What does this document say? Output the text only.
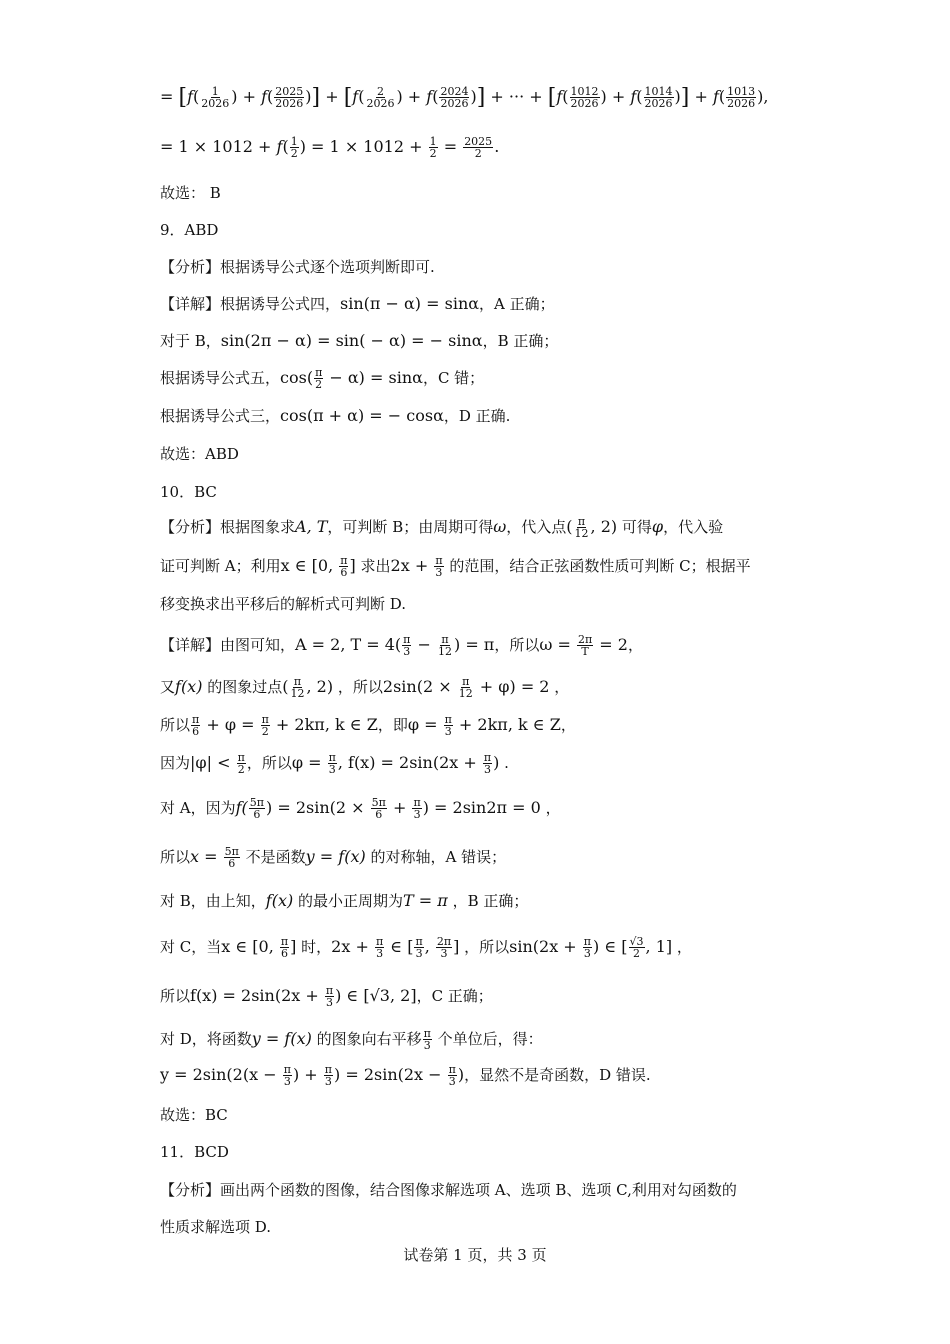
= [$f( \frac{1}{2026}$ ) + $f( \frac{2025}{2026}$ )] + [$f( \frac{2}{2026}$ ) + $f( \frac{2024}{2026}$ )] + ··· + [$f( \frac{1012}{2026}$ ) + $f( \frac{1014}{2026}$ )] + $f( \frac{1013}{2026}$ ),
= $1 \times 1012 + f( \frac{1}{2}$ ) = $1 \times 1012 + \frac{1}{2} = \frac{2025}{2}$ .
故选： B
9．ABD
【分析】根据诱导公式逐个选项判断即可.
【详解】根据诱导公式四，sin(π − α) = sinα，A 正确；
对于 B，sin(2π − α) = sin( − α) = − sinα，B 正确；
根据诱导公式五，$\cos( \frac{\pi}{2} - \alpha) = \sin\alpha$，C 错；
根据诱导公式三，cos(π + α) = − cosα，D 正确.
故选：ABD
10．BC
【分析】根据图象求A, T，可判断 B；由周期可得ω，代入点( $\frac{\pi}{12}$ , 2) 可得φ，代入验
证可判断 A；利用x ∈ [0, $\frac{\pi}{6}$ ] 求出$2x + \frac{\pi}{3}$ 的范围，结合正弦函数性质可判断 C；根据平
移变换求出平移后的解析式可判断 D.
【详解】由图可知，A = 2, $T = 4( \frac{\pi}{3} - \frac{\pi}{12}$ ) = π，所以$\omega = \frac{2\pi}{T} = 2$，
又f(x) 的图象过点( $\frac{\pi}{12}$ , 2) ，所以$2\sin(2 \times \frac{\pi}{12} + \varphi) = 2$ ，
所以 $\frac{\pi}{6} + \varphi = \frac{\pi}{2} + 2k\pi$, k ∈ Z，即$\varphi = \frac{\pi}{3} + 2k\pi$, k ∈ Z，
因为$|\varphi| < \frac{\pi}{2}$ ，所以$\varphi = \frac{\pi}{3}$ , $f(x) = 2\sin(2x + \frac{\pi}{3}$ ) .
对 A，因为$f( \frac{5\pi}{6}$ ) = $2\sin(2 \times \frac{5\pi}{6} + \frac{\pi}{3}$ ) = 2sin2π = 0 ，
所以$x = \frac{5\pi}{6}$ 不是函数y = f(x) 的对称轴，A 错误；
对 B，由上知，f(x) 的最小正周期为T = π ，B 正确；
对 C，当x ∈ [0, $\frac{\pi}{6}$ ] 时，$2x + \frac{\pi}{3}$ ∈ [ $\frac{\pi}{3}$ , $\frac{2\pi}{3}$ ] ，所以$\sin(2x + \frac{\pi}{3}$ ) ∈ [ $\frac{√3}{2}$ , 1] ，
所以$f(x) = 2\sin(2x + \frac{\pi}{3}$ ) ∈ [√3, 2]，C 正确；
对 D，将函数y = f(x) 的图象向右平移 $\frac{\pi}{3}$ 个单位后，得：
$y = 2\sin(2(x - \frac{\pi}{3}$ ) + $\frac{\pi}{3}$ ) = $2\sin(2x - \frac{\pi}{3}$ )，显然不是奇函数，D 错误.
故选：BC
11．BCD
【分析】画出两个函数的图像，结合图像求解选项 A、选项 B、选项 C,利用对勾函数的
性质求解选项 D.
试卷第 1 页，共 3 页
